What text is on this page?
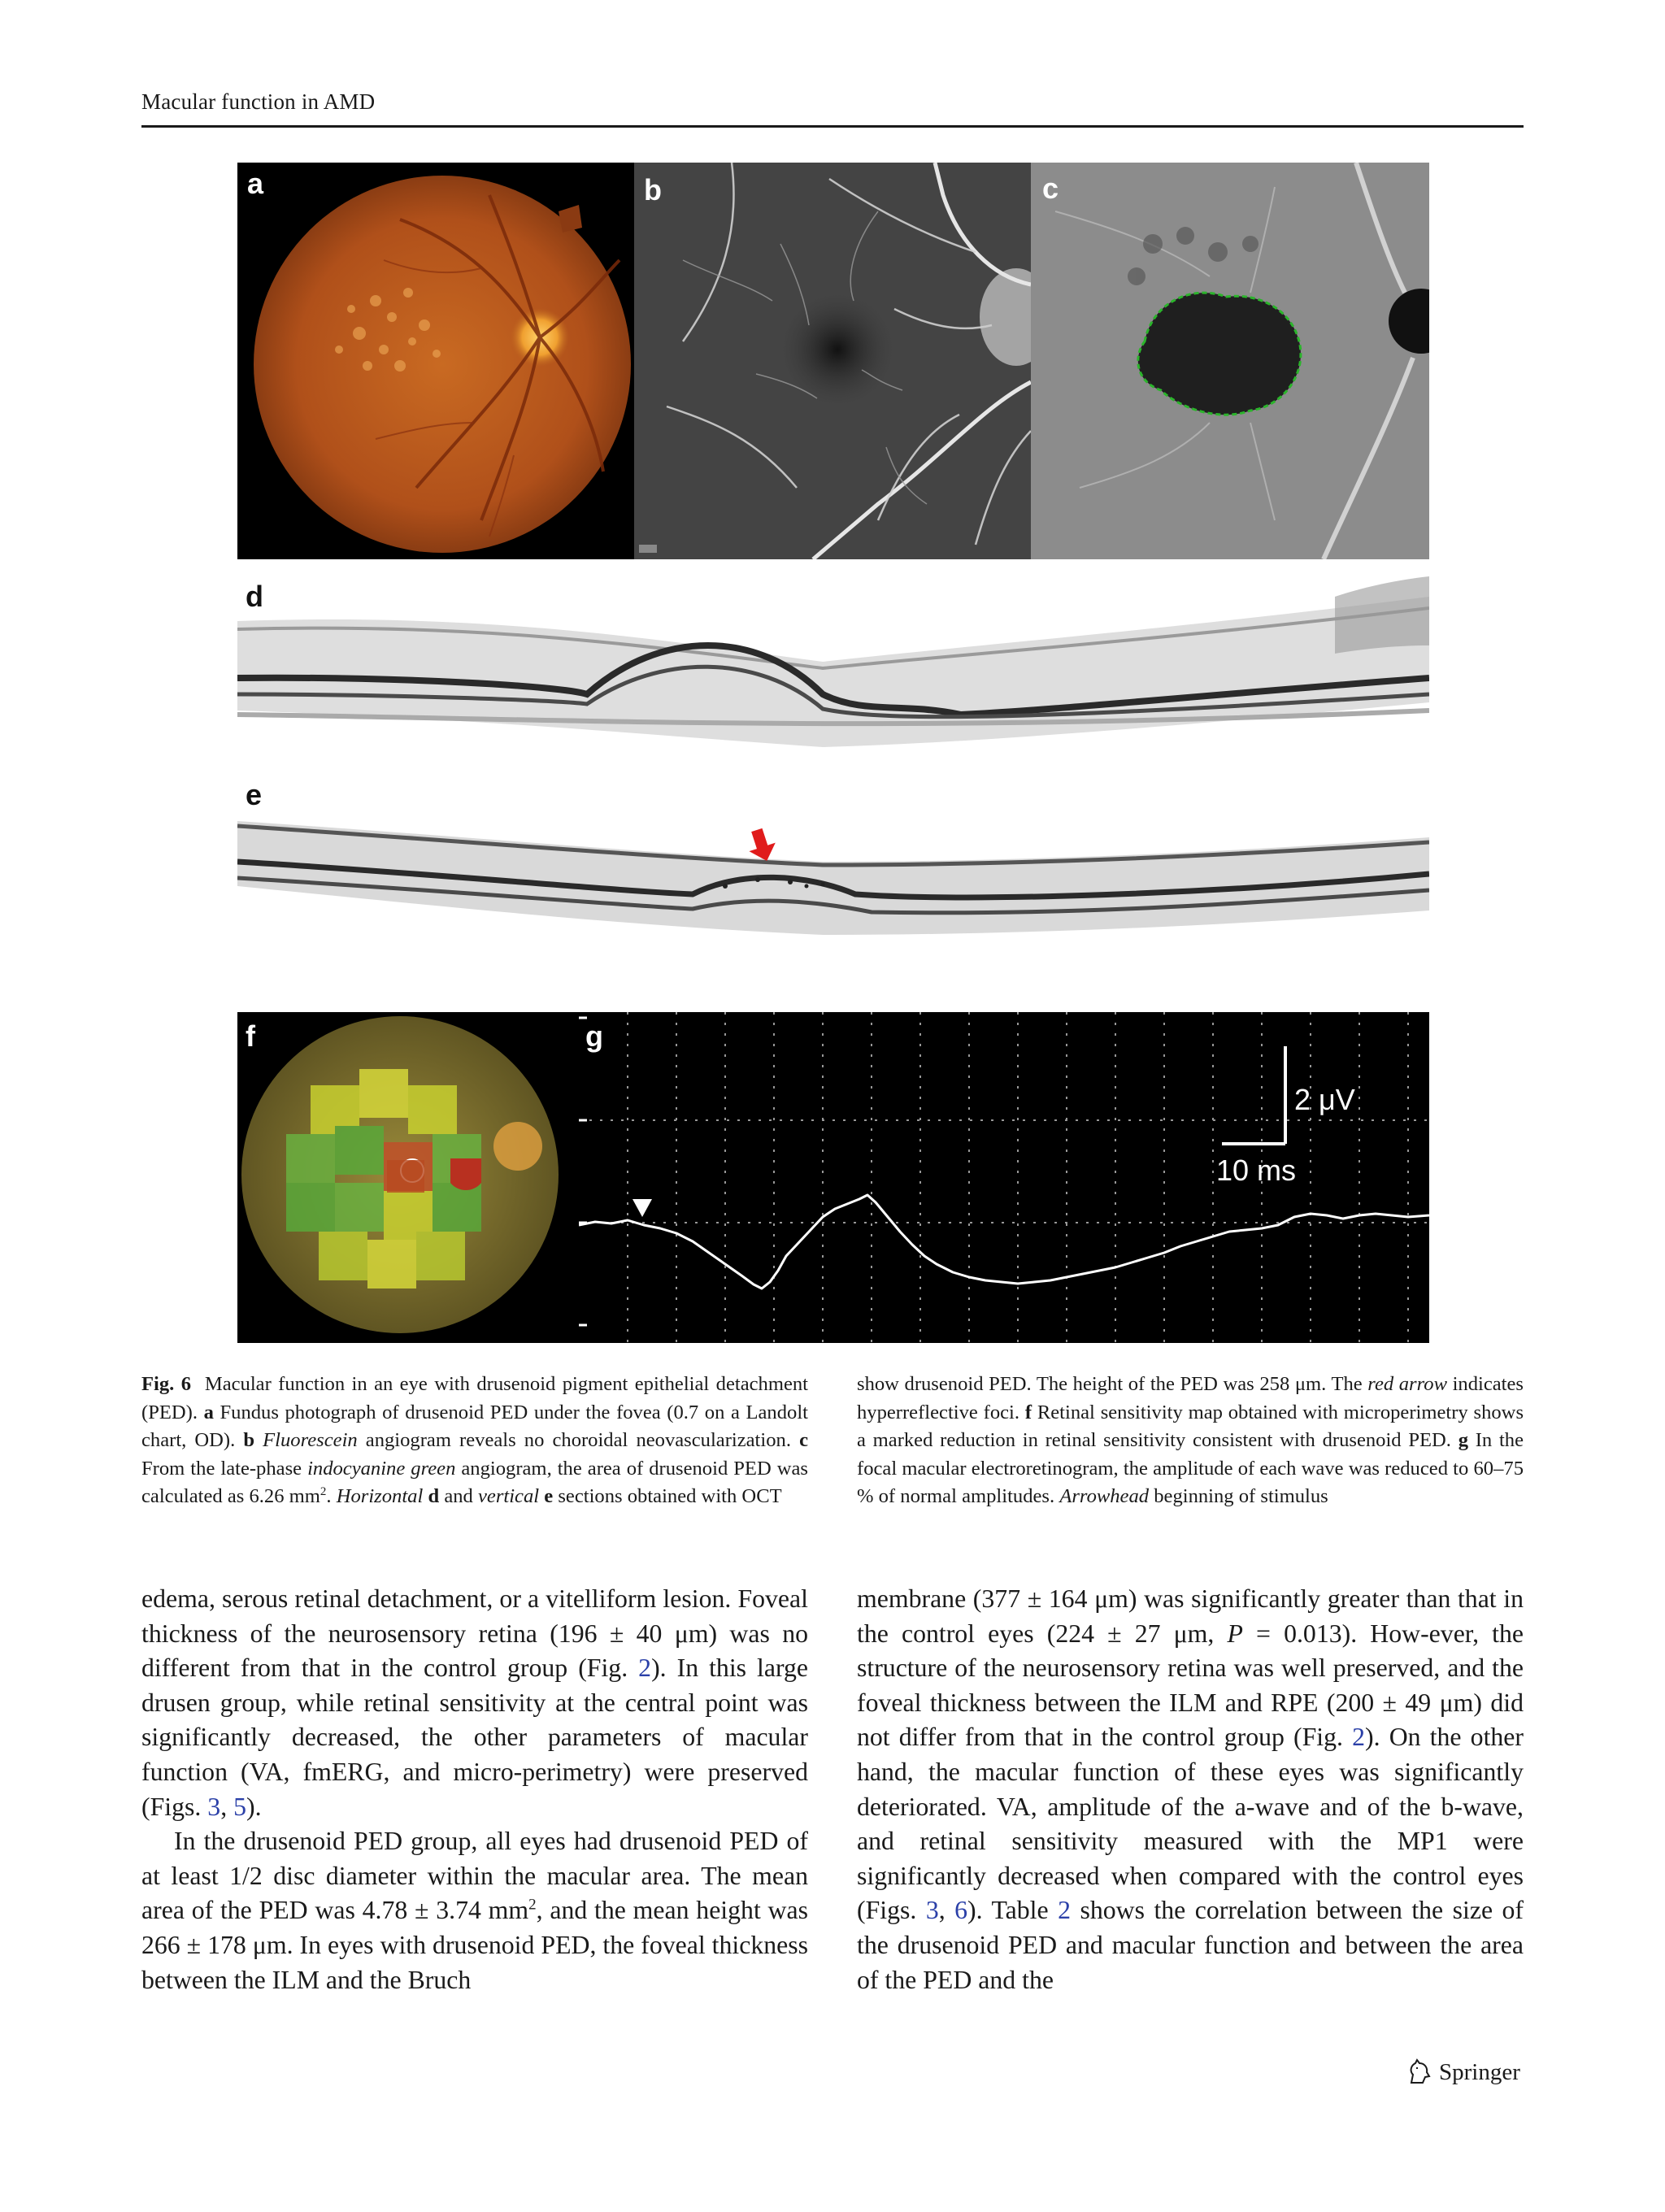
Macular function in AMD
a	b	c
d
e
f
2 μV
10 ms
g
Fig. 6 Macular function in an eye with drusenoid pigment epithelial detachment (PED). a Fundus photograph of drusenoid PED under the fovea (0.7 on a Landolt chart, OD). b Fluorescein angiogram reveals no choroidal neovascularization. c From the late-phase indocyanine green angiogram, the area of drusenoid PED was calculated as 6.26 $mm^2$. Horizontal d and vertical e sections obtained with OCT
show drusenoid PED. The height of the PED was 258 μm. The red arrow indicates hyperreflective foci. f Retinal sensitivity map obtained with microperimetry shows a marked reduction in retinal sensitivity consistent with drusenoid PED. g In the focal macular electroretinogram, the amplitude of each wave was reduced to 60–75 % of normal amplitudes. Arrowhead beginning of stimulus

edema, serous retinal detachment, or a vitelliform lesion. Foveal thickness of the neurosensory retina (196 ± 40 μm) was no different from that in the control group (Fig. 2). In this large drusen group, while retinal sensitivity at the central point was significantly decreased, the other parameters of macular function (VA, fmERG, and micro-perimetry) were preserved (Figs. 3, 5).

In the drusenoid PED group, all eyes had drusenoid PED of at least 1/2 disc diameter within the macular area. The mean area of the PED was 4.78 ± 3.74 $mm^2$, and the mean height was 266 ± 178 μm. In eyes with drusenoid PED, the foveal thickness between the ILM and the Bruch

membrane (377 ± 164 μm) was significantly greater than that in the control eyes (224 ± 27 μm, P = 0.013). How-ever, the structure of the neurosensory retina was well preserved, and the foveal thickness between the ILM and RPE (200 ± 49 μm) did not differ from that in the control group (Fig. 2). On the other hand, the macular function of these eyes was significantly deteriorated. VA, amplitude of the a-wave and of the b-wave, and retinal sensitivity measured with the MP1 were significantly decreased when compared with the control eyes (Figs. 3, 6). Table 2 shows the correlation between the size of the drusenoid PED and macular function and between the area of the PED and the

Springer
